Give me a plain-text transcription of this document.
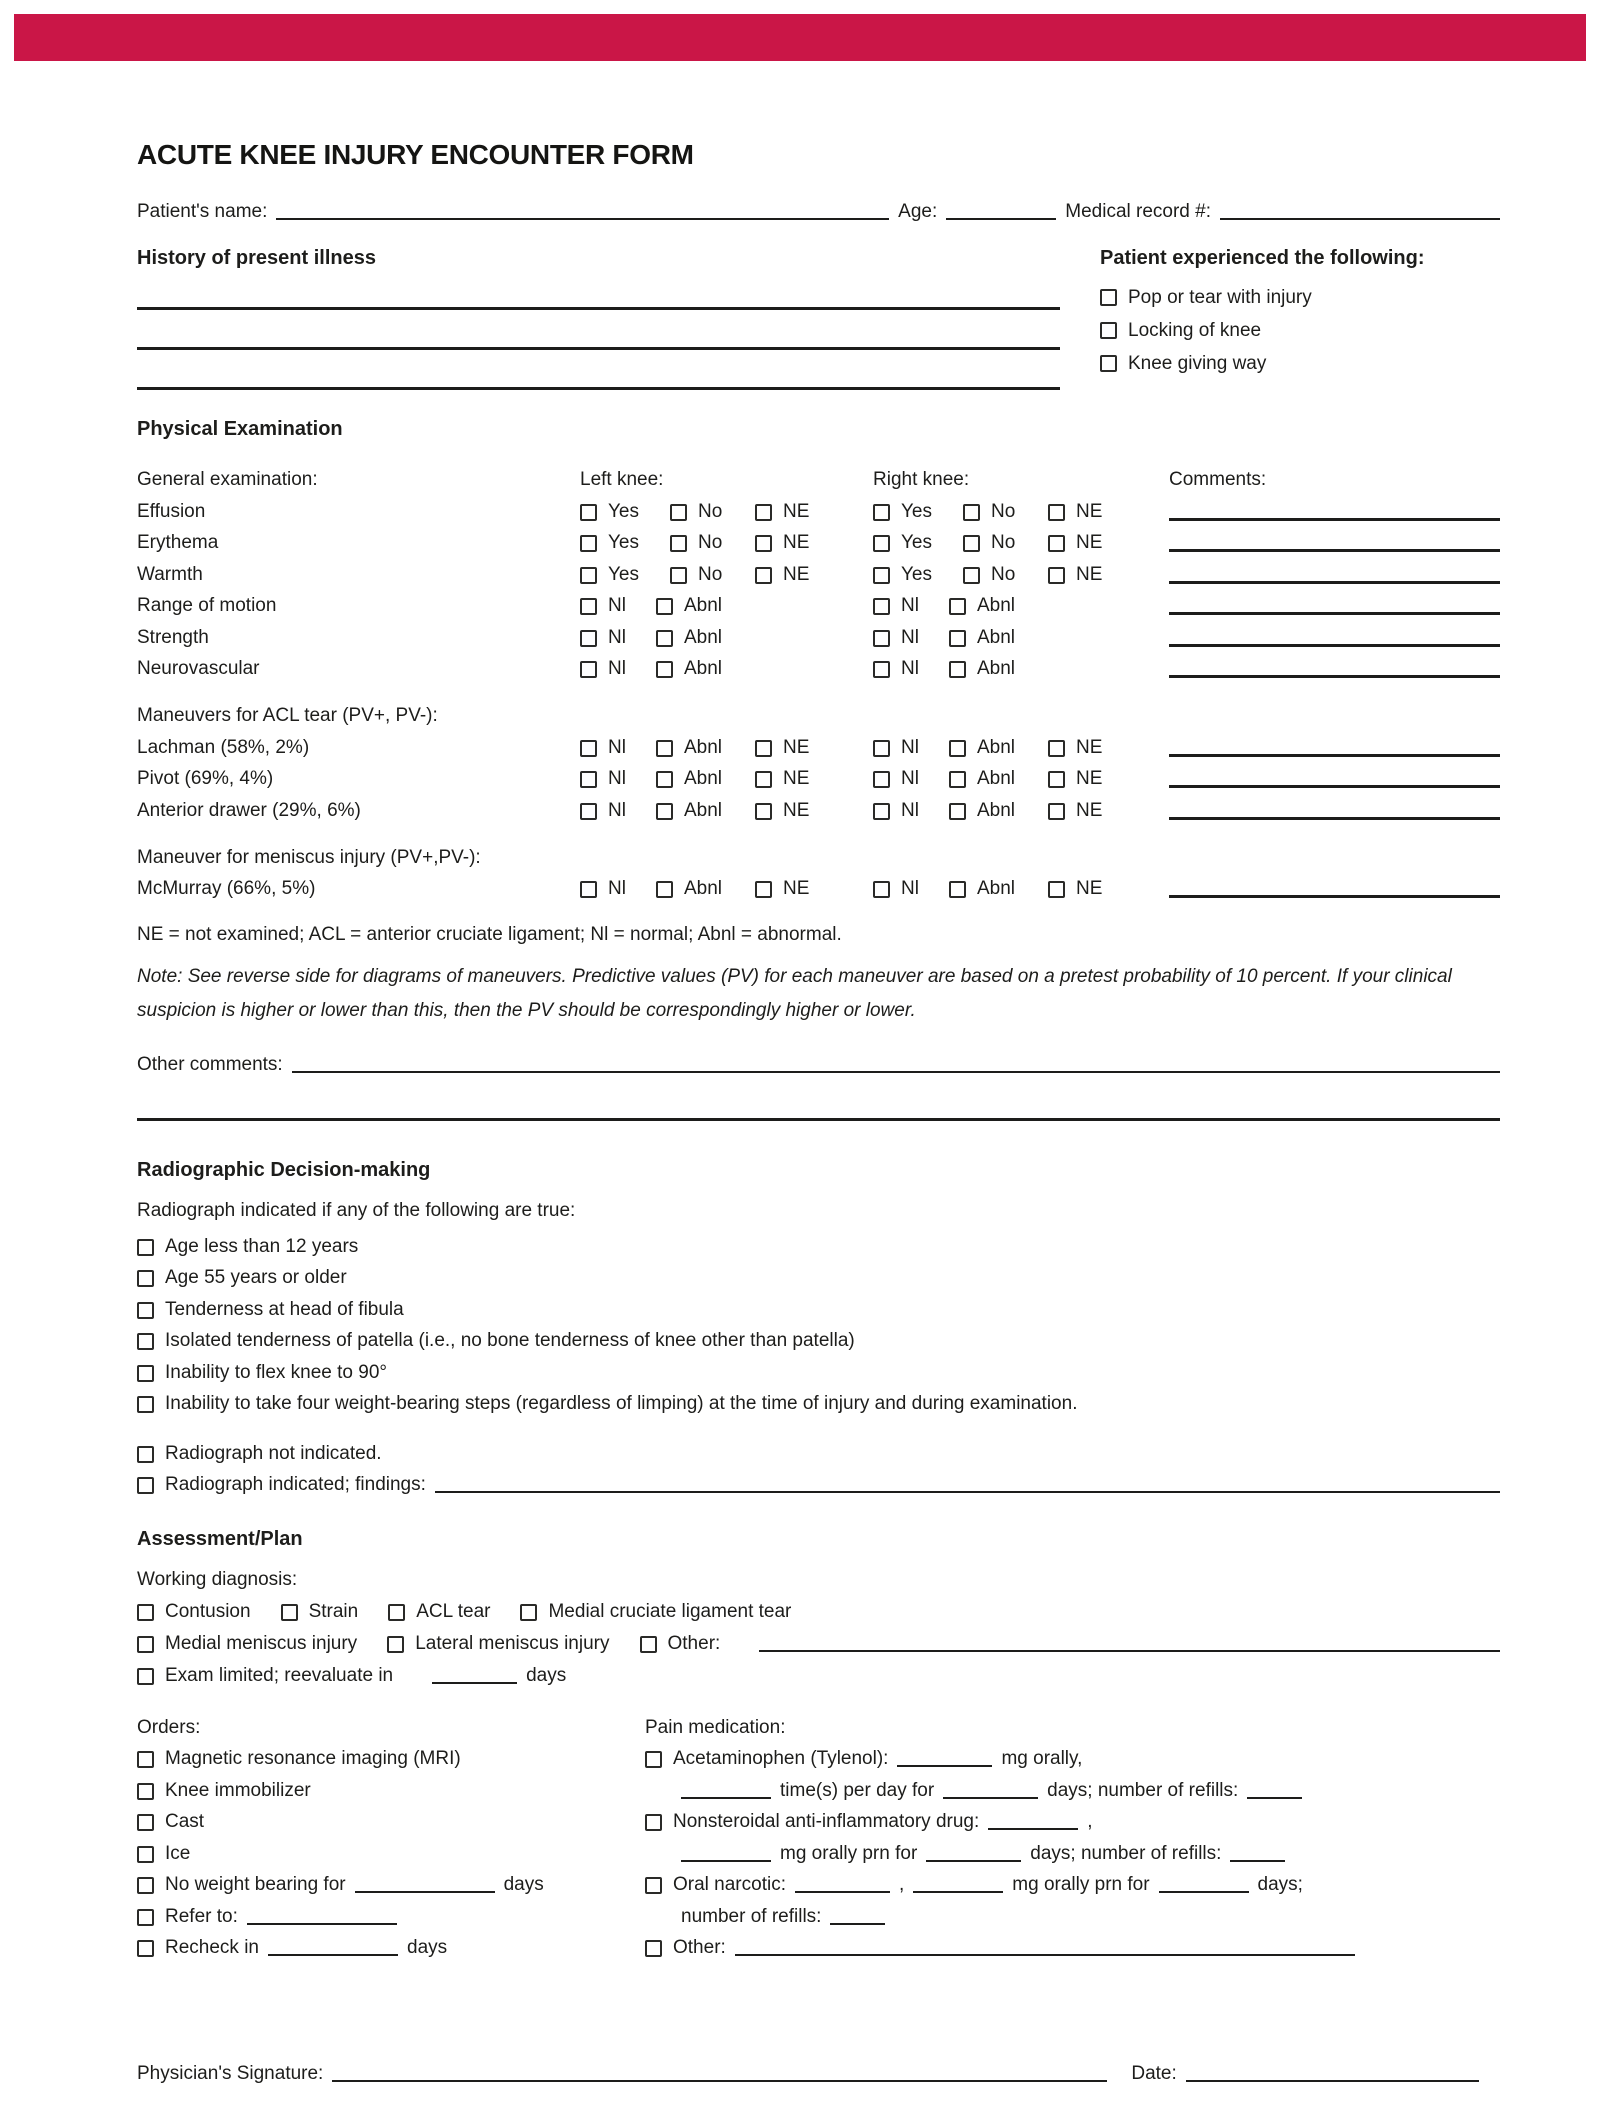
ACUTE KNEE INJURY ENCOUNTER FORM
Patient's name:	Age:	Medical record #:
History of present illness	Patient experienced the following:
Pop or tear with injury
Locking of knee
Knee giving way
Physical Examination
General examination:	Left knee:	Right knee:	Comments:
Effusion	Yes	No	NE	Yes	No	NE
Erythema	Yes	No	NE	Yes	No	NE
Warmth	Yes	No	NE	Yes	No	NE
Range of motion	Nl	Abnl	Nl	Abnl
Strength	Nl	Abnl	Nl	Abnl
Neurovascular	Nl	Abnl	Nl	Abnl
Maneuvers for ACL tear (PV+, PV-):
Lachman (58%, 2%)	Nl	Abnl	NE	Nl	Abnl	NE
Pivot (69%, 4%)	Nl	Abnl	NE	Nl	Abnl	NE
Anterior drawer (29%, 6%)	Nl	Abnl	NE	Nl	Abnl	NE
Maneuver for meniscus injury (PV+,PV-):
McMurray (66%, 5%)	Nl	Abnl	NE	Nl	Abnl	NE
NE = not examined; ACL = anterior cruciate ligament; Nl = normal; Abnl = abnormal.
Note: See reverse side for diagrams of maneuvers. Predictive values (PV) for each maneuver are based on a pretest probability of 10 percent. If your clinical suspicion is higher or lower than this, then the PV should be correspondingly higher or lower.
Other comments:
Radiographic Decision-making
Radiograph indicated if any of the following are true:
Age less than 12 years
Age 55 years or older
Tenderness at head of fibula
Isolated tenderness of patella (i.e., no bone tenderness of knee other than patella)
Inability to flex knee to 90°
Inability to take four weight-bearing steps (regardless of limping) at the time of injury and during examination.
Radiograph not indicated.
Radiograph indicated; findings:
Assessment/Plan
Working diagnosis:
Contusion	Strain	ACL tear	Medial cruciate ligament tear
Medial meniscus injury	Lateral meniscus injury	Other:
Exam limited; reevaluate in	days
Orders:
Magnetic resonance imaging (MRI)
Knee immobilizer
Cast
Ice
No weight bearing for	days
Refer to:
Recheck in	days
Pain medication:
Acetaminophen (Tylenol):	mg orally,
time(s) per day for	days; number of refills:
Nonsteroidal anti-inflammatory drug:	,
mg orally prn for	days; number of refills:
Oral narcotic:	,	mg orally prn for	days;
number of refills:
Other:
Physician's Signature:	Date:
